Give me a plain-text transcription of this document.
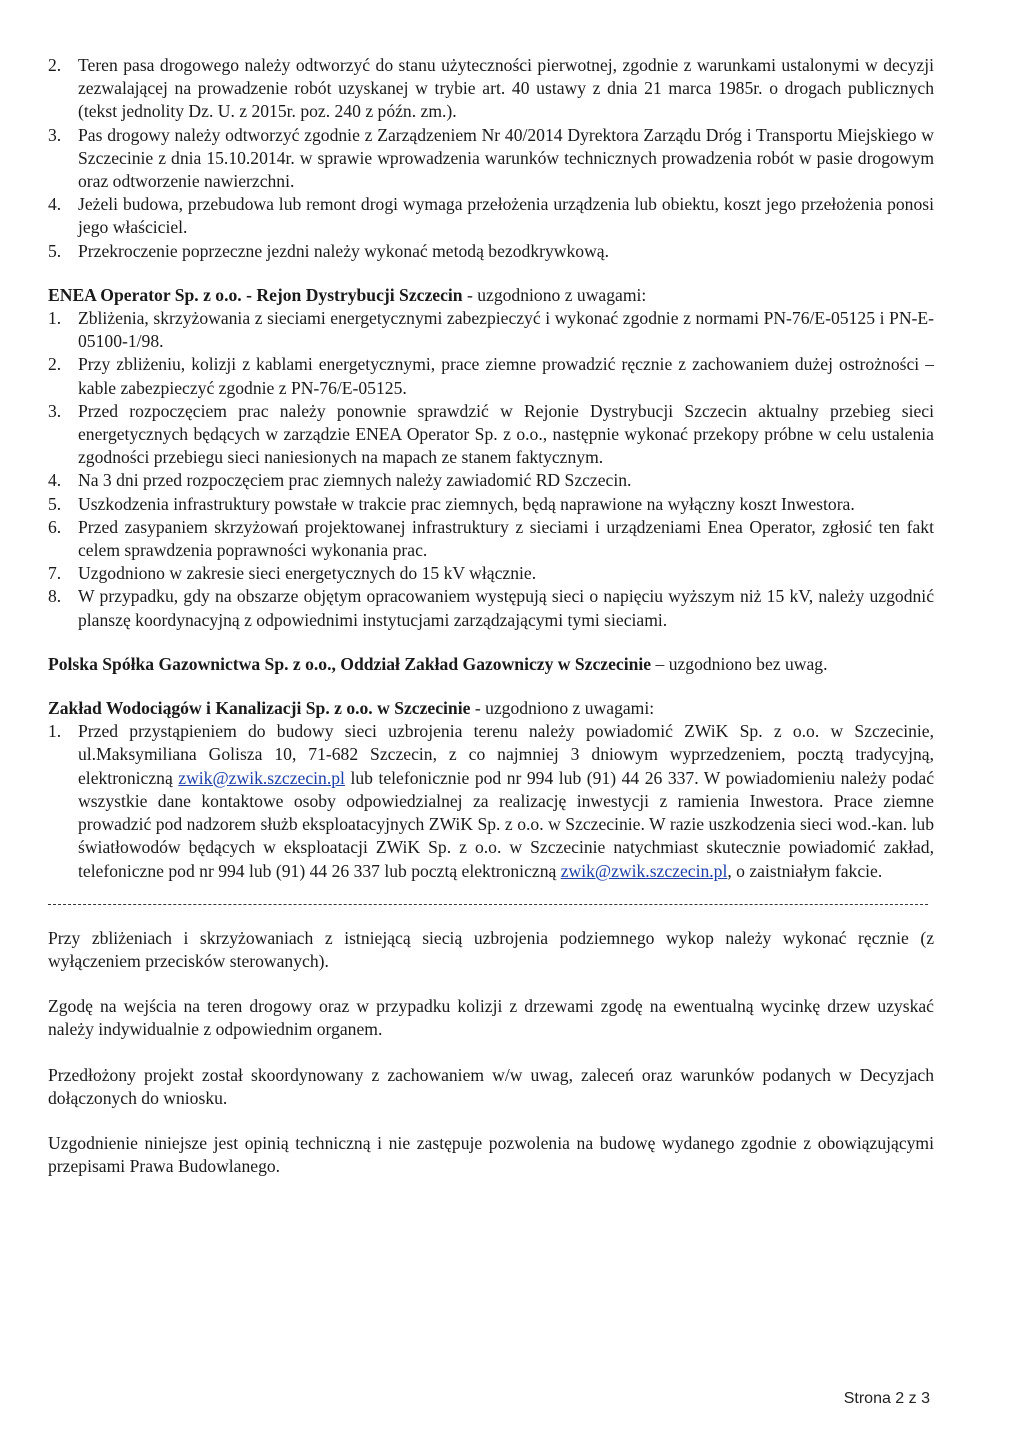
2. Teren pasa drogowego należy odtworzyć do stanu użyteczności pierwotnej, zgodnie z warunkami ustalonymi w decyzji zezwalającej na prowadzenie robót uzyskanej w trybie art. 40 ustawy z dnia 21 marca 1985r. o drogach publicznych (tekst jednolity Dz. U. z 2015r. poz. 240 z późn. zm.).
3. Pas drogowy należy odtworzyć zgodnie z Zarządzeniem Nr 40/2014 Dyrektora Zarządu Dróg i Transportu Miejskiego w Szczecinie z dnia 15.10.2014r. w sprawie wprowadzenia warunków technicznych prowadzenia robót w pasie drogowym oraz odtworzenie nawierzchni.
4. Jeżeli budowa, przebudowa lub remont drogi wymaga przełożenia urządzenia lub obiektu, koszt jego przełożenia ponosi jego właściciel.
5. Przekroczenie poprzeczne jezdni należy wykonać metodą bezodkrywkową.
ENEA Operator Sp. z o.o. - Rejon Dystrybucji Szczecin - uzgodniono z uwagami:
1. Zbliżenia, skrzyżowania z sieciami energetycznymi zabezpieczyć i wykonać zgodnie z normami PN-76/E-05125 i PN-E-05100-1/98.
2. Przy zbliżeniu, kolizji z kablami energetycznymi, prace ziemne prowadzić ręcznie z zachowaniem dużej ostrożności – kable zabezpieczyć zgodnie z PN-76/E-05125.
3. Przed rozpoczęciem prac należy ponownie sprawdzić w Rejonie Dystrybucji Szczecin aktualny przebieg sieci energetycznych będących w zarządzie ENEA Operator Sp. z o.o., następnie wykonać przekopy próbne w celu ustalenia zgodności przebiegu sieci naniesionych na mapach ze stanem faktycznym.
4. Na 3 dni przed rozpoczęciem prac ziemnych należy zawiadomić RD Szczecin.
5. Uszkodzenia infrastruktury powstałe w trakcie prac ziemnych, będą naprawione na wyłączny koszt Inwestora.
6. Przed zasypaniem skrzyżowań projektowanej infrastruktury z sieciami i urządzeniami Enea Operator, zgłosić ten fakt celem sprawdzenia poprawności wykonania prac.
7. Uzgodniono w zakresie sieci energetycznych do 15 kV włącznie.
8. W przypadku, gdy na obszarze objętym opracowaniem występują sieci o napięciu wyższym niż 15 kV, należy uzgodnić planszę koordynacyjną z odpowiednimi instytucjami zarządzającymi tymi sieciami.
Polska Spółka Gazownictwa Sp. z o.o., Oddział Zakład Gazowniczy w Szczecinie – uzgodniono bez uwag.
Zakład Wodociągów i Kanalizacji Sp. z o.o. w Szczecinie - uzgodniono z uwagami:
1. Przed przystąpieniem do budowy sieci uzbrojenia terenu należy powiadomić ZWiK Sp. z o.o. w Szczecinie, ul.Maksymiliana Golisza 10, 71-682 Szczecin, z co najmniej 3 dniowym wyprzedzeniem, pocztą tradycyjną, elektroniczną zwik@zwik.szczecin.pl lub telefonicznie pod nr 994 lub (91) 44 26 337. W powiadomieniu należy podać wszystkie dane kontaktowe osoby odpowiedzialnej za realizację inwestycji z ramienia Inwestora. Prace ziemne prowadzić pod nadzorem służb eksploatacyjnych ZWiK Sp. z o.o. w Szczecinie. W razie uszkodzenia sieci wod.-kan. lub światłowodów będących w eksploatacji ZWiK Sp. z o.o. w Szczecinie natychmiast skutecznie powiadomić zakład, telefoniczne pod nr 994 lub (91) 44 26 337 lub pocztą elektroniczną zwik@zwik.szczecin.pl, o zaistniałym fakcie.

Przy zbliżeniach i skrzyżowaniach z istniejącą siecią uzbrojenia podziemnego wykop należy wykonać ręcznie (z wyłączeniem przecisków sterowanych).

Zgodę na wejścia na teren drogowy oraz w przypadku kolizji z drzewami zgodę na ewentualną wycinkę drzew uzyskać należy indywidualnie z odpowiednim organem.

Przedłożony projekt został skoordynowany z zachowaniem w/w uwag, zaleceń oraz warunków podanych w Decyzjach dołączonych do wniosku.

Uzgodnienie niniejsze jest opinią techniczną i nie zastępuje pozwolenia na budowę wydanego zgodnie z obowiązującymi przepisami Prawa Budowlanego.

Strona 2 z 3
